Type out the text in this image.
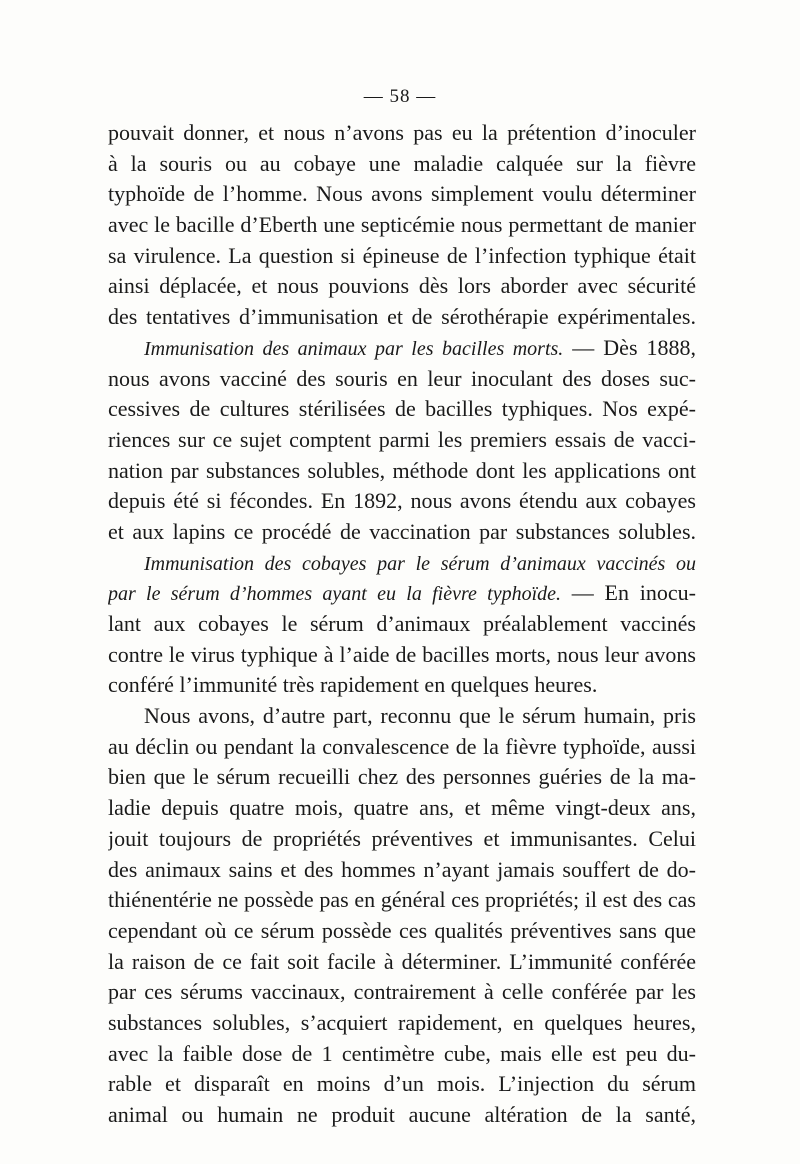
— 58 —
pouvait donner, et nous n’avons pas eu la prétention d’inoculer
à la souris ou au cobaye une maladie calquée sur la fièvre
typhoïde de l’homme. Nous avons simplement voulu déterminer
avec le bacille d’Eberth une septicémie nous permettant de manier
sa virulence. La question si épineuse de l’infection typhique était
ainsi déplacée, et nous pouvions dès lors aborder avec sécurité
des tentatives d’immunisation et de sérothérapie expérimentales.
Immunisation des animaux par les bacilles morts. — Dès 1888,
nous avons vacciné des souris en leur inoculant des doses suc-
cessives de cultures stérilisées de bacilles typhiques. Nos expé-
riences sur ce sujet comptent parmi les premiers essais de vacci-
nation par substances solubles, méthode dont les applications ont
depuis été si fécondes. En 1892, nous avons étendu aux cobayes
et aux lapins ce procédé de vaccination par substances solubles.
Immunisation des cobayes par le sérum d’animaux vaccinés ou
par le sérum d’hommes ayant eu la fièvre typhoïde. — En inocu-
lant aux cobayes le sérum d’animaux préalablement vaccinés
contre le virus typhique à l’aide de bacilles morts, nous leur avons
conféré l’immunité très rapidement en quelques heures.
Nous avons, d’autre part, reconnu que le sérum humain, pris
au déclin ou pendant la convalescence de la fièvre typhoïde, aussi
bien que le sérum recueilli chez des personnes guéries de la ma-
ladie depuis quatre mois, quatre ans, et même vingt-deux ans,
jouit toujours de propriétés préventives et immunisantes. Celui
des animaux sains et des hommes n’ayant jamais souffert de do-
thiénentérie ne possède pas en général ces propriétés; il est des cas
cependant où ce sérum possède ces qualités préventives sans que
la raison de ce fait soit facile à déterminer. L’immunité conférée
par ces sérums vaccinaux, contrairement à celle conférée par les
substances solubles, s’acquiert rapidement, en quelques heures,
avec la faible dose de 1 centimètre cube, mais elle est peu du-
rable et disparaît en moins d’un mois. L’injection du sérum
animal ou humain ne produit aucune altération de la santé,
